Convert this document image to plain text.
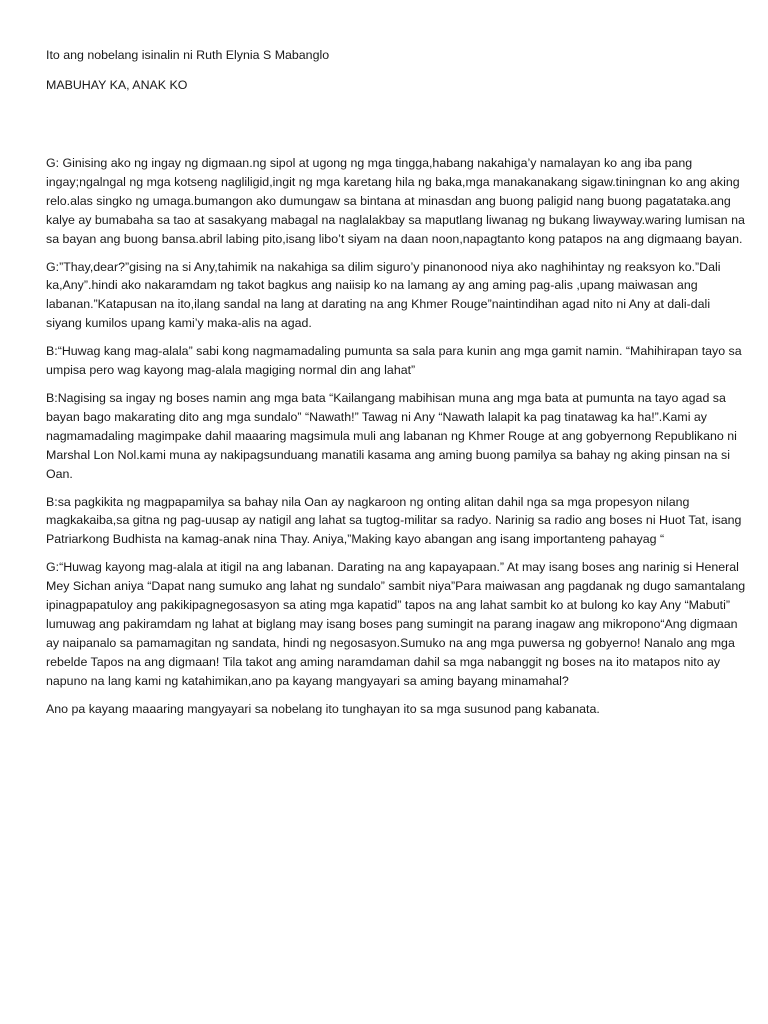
Ito ang nobelang isinalin ni Ruth Elynia S Mabanglo

MABUHAY KA, ANAK KO

G: Ginising ako ng ingay ng digmaan.ng sipol at ugong ng mga tingga,habang nakahiga’y namalayan ko ang iba pang ingay;ngalngal ng mga kotseng nagliligid,ingit ng mga karetang hila ng baka,mga manakanakang sigaw.tiningnan ko ang aking relo.alas singko ng umaga.bumangon ako dumungaw sa bintana at minasdan ang buong paligid nang buong pagatataka.ang kalye ay bumabaha sa tao at sasakyang mabagal na naglalakbay sa maputlang liwanag ng bukang liwayway.waring lumisan na sa bayan ang buong bansa.abril labing pito,isang libo’t siyam na daan noon,napagtanto kong patapos na ang digmaang bayan.

G:”Thay,dear?”gising na si Any,tahimik na nakahiga sa dilim siguro’y pinanonood niya ako naghihintay ng reaksyon ko.”Dali ka,Any”.hindi ako nakaramdam ng takot bagkus ang naiisip ko na lamang ay ang aming pag-alis ,upang maiwasan ang labanan.”Katapusan na ito,ilang sandal na lang at darating na ang Khmer Rouge”naintindihan agad nito ni Any at dali-dali siyang kumilos upang kami’y maka-alis na agad.

B:“Huwag kang mag-alala” sabi kong nagmamadaling pumunta sa sala para kunin ang mga gamit namin. “Mahihirapan tayo sa umpisa pero wag kayong mag-alala magiging normal din ang lahat”

B:Nagising sa ingay ng boses namin ang mga bata “Kailangang mabihisan muna ang mga bata at pumunta na tayo agad sa bayan bago makarating dito ang mga sundalo” “Nawath!” Tawag ni Any “Nawath lalapit ka pag tinatawag ka ha!”.Kami ay nagmamadaling magimpake dahil maaaring magsimula muli ang labanan ng Khmer Rouge at ang gobyernong Republikano ni Marshal Lon Nol.kami muna ay nakipagsunduang manatili kasama ang aming buong pamilya sa bahay ng aking pinsan na si Oan.

B:sa pagkikita ng magpapamilya sa bahay nila Oan ay nagkaroon ng onting alitan dahil nga sa mga propesyon nilang magkakaiba,sa gitna ng pag-uusap ay natigil ang lahat sa tugtog-militar sa radyo. Narinig sa radio ang boses ni Huot Tat, isang Patriarkong Budhista na kamag-anak nina Thay. Aniya,”Making kayo abangan ang isang importanteng pahayag “

G:“Huwag kayong mag-alala at itigil na ang labanan. Darating na ang kapayapaan.” At may isang boses ang narinig si Heneral Mey Sichan aniya “Dapat nang sumuko ang lahat ng sundalo” sambit niya”Para maiwasan ang pagdanak ng dugo samantalang ipinagpapatuloy ang pakikipagnegosasyon sa ating mga kapatid” tapos na ang lahat sambit ko at bulong ko kay Any “Mabuti” lumuwag ang pakiramdam ng lahat at biglang may isang boses pang sumingit na parang inagaw ang mikropono“Ang digmaan ay naipanalo sa pamamagitan ng sandata, hindi ng negosasyon.Sumuko na ang mga puwersa ng gobyerno! Nanalo ang mga rebelde Tapos na ang digmaan! Tila takot ang aming naramdaman dahil sa mga nabanggit ng boses na ito matapos nito ay napuno na lang kami ng katahimikan,ano pa kayang mangyayari sa aming bayang minamahal?

Ano pa kayang maaaring mangyayari sa nobelang ito tunghayan ito sa mga susunod pang kabanata.
